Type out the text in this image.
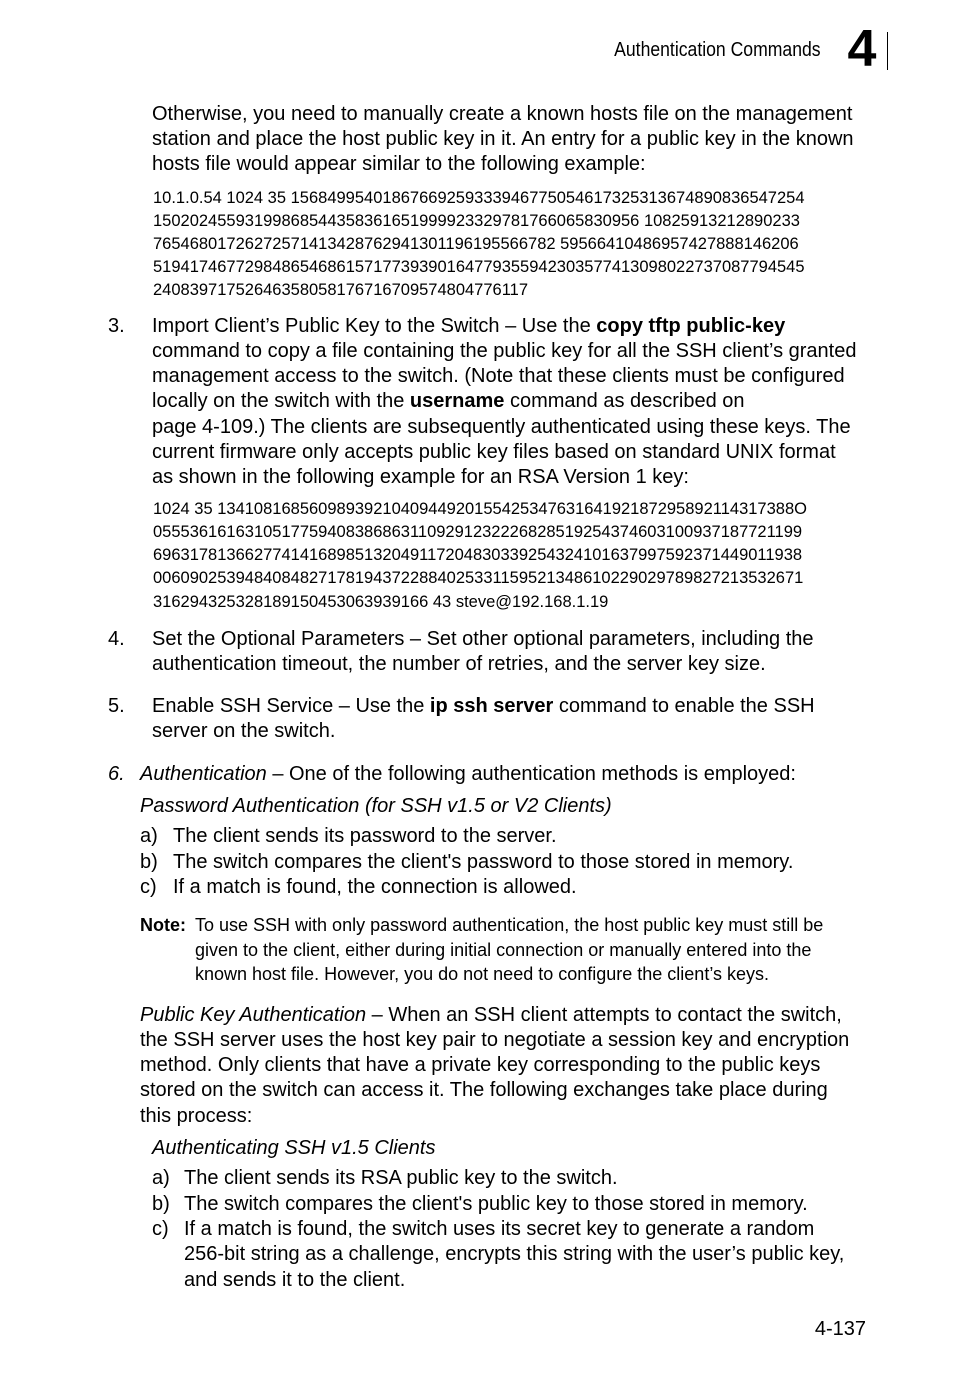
Authentication Commands 4

Otherwise, you need to manually create a known hosts file on the management

station and place the host public key in it. An entry for a public key in the known

hosts file would appear similar to the following example:

10.1.0.54 1024 35 15684995401867669259333946775054617325313674890836547254

15020245593199868544358361651999923329781766065830956 10825913212890233

76546801726272571413428762941301196195566782 59566410486957427888146206

51941746772984865468615717739390164779355942303577413098022737087794545

24083971752646358058176716709574804776117

3. Import Client’s Public Key to the Switch – Use the copy tftp public-key

command to copy a file containing the public key for all the SSH client’s granted

management access to the switch. (Note that these clients must be configured

locally on the switch with the username command as described on

page 4-109.) The clients are subsequently authenticated using these keys. The

current firmware only accepts public key files based on standard UNIX format

as shown in the following example for an RSA Version 1 key:

1024 35 134108168560989392104094492015542534763164192187295892114317388O

05553616163105177594083868631109291232226828519254374603100937187721199

69631781366277414168985132049117204830339254324101637997592371449011938

00609025394840848271781943722884025331159521348610229029789827213532671

316294325328189150453063939166 43 steve@192.168.1.19

4. Set the Optional Parameters – Set other optional parameters, including the

authentication timeout, the number of retries, and the server key size.

5. Enable SSH Service – Use the ip ssh server command to enable the SSH

server on the switch.

6. Authentication – One of the following authentication methods is employed:

Password Authentication (for SSH v1.5 or V2 Clients)

a) The client sends its password to the server.

b) The switch compares the client's password to those stored in memory.

c) If a match is found, the connection is allowed.

Note: To use SSH with only password authentication, the host public key must still be
given to the client, either during initial connection or manually entered into the
known host file. However, you do not need to configure the client’s keys.

Public Key Authentication – When an SSH client attempts to contact the switch,

the SSH server uses the host key pair to negotiate a session key and encryption

method. Only clients that have a private key corresponding to the public keys

stored on the switch can access it. The following exchanges take place during

this process:

Authenticating SSH v1.5 Clients

a) The client sends its RSA public key to the switch.

b) The switch compares the client's public key to those stored in memory.

c) If a match is found, the switch uses its secret key to generate a random

256-bit string as a challenge, encrypts this string with the user’s public key,

and sends it to the client.

4-137
